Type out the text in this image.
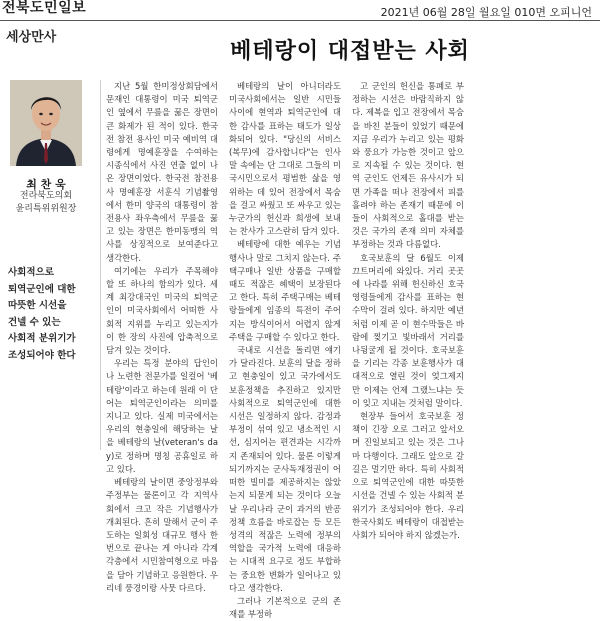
전북도민일보	2021년 06월 28일 월요일 010면 오피니언
세상만사
베테랑이 대접받는 사회
최 찬 욱
전라북도의회
윤리특위위원장
사회적으로
퇴역군인에 대한
따뜻한 시선을
건넬 수 있는
사회적 분위기가
조성되어야 한다

지난 5월 한미정상회담에서 문재인 대통령이 미국 퇴역군인 옆에서 무릎을 꿇은 장면이 큰 화제가 된 적이 있다. 한국전 참전 용사인 미국 예비역 대령에게 명예훈장을 수여하는 시종식에서 사진 연출 없이 나온 장면이었다. 한국전 참전용사 명예훈장 서훈식 기념촬영에서 한미 양국의 대통령이 참전용사 좌우측에서 무릎을 꿇고 있는 장면은 한미동맹의 역사를 상징적으로 보여준다고 생각한다.

여기에는 우리가 주목해야 할 또 하나의 함의가 있다. 세계 최강대국인 미국의 퇴역군인이 미국사회에서 어떠한 사회적 지위를 누리고 있는지가 이 한 장의 사진에 압축적으로 담겨 있는 것이다.

우리는 특정 분야의 답인이나 노련한 전문가를 일컬어 '베테랑'이라고 하는데 원래 이 단어는 퇴역군인이라는 의미를 지니고 있다. 실제 미국에서는 우리의 현충일에 해당하는 날을 베테랑의 날(veteran's day)로 정하며 명칭 공휴일로 하고 있다.

베테랑의 날이면 중앙정부와 주정부는 물론이고 각 지역사회에서 크고 작은 기념행사가 개최된다. 흔히 말해서 군이 주도하는 일회성 대규모 행사 한 번으로 끝나는 게 아니라 각계각층에서 시민참여형으로 마음을 담아 기념하고 응원한다. 우리네 풍경이랑 사뭇 다르다.

베테랑의 날이 아니더라도 미국사회에서는 일반 시민들 사이에 현역과 퇴역군인에 대한 감사를 표하는 태도가 일상화되어 있다. "당신의 서비스(복무)에 감사합니다"는 인사말 속에는 단 그대로 그들의 미국시민으로서 평범한 삶을 영위하는 데 있어 전장에서 목숨을 걸고 싸웠고 또 싸우고 있는 누군가의 헌신과 희생에 보내는 찬사가 고스란히 담겨 있다.

베테랑에 대한 예우는 기념행사나 말로 그치지 않는다. 주택구매나 일반 상품을 구매할 때도 적잖은 혜택이 보장된다고 한다. 특히 주택구매는 베테랑들에게 임종의 특전이 주어지는 방식이어서 어렵지 않게 주택을 구매할 수 있다고 한다.

국내로 시선을 돌리면 얘기가 달라진다. 보훈의 달을 정하고 현충일이 있고 국가에서도 보훈정책을 추진하고 있지만 사회적으로 퇴역군인에 대한 시선은 일정하지 않다. 감정과 부정이 섞여 있고 냉소적인 시선, 심지어는 편견과는 시각까지 존재되어 있다. 물론 이렇게 되기까지는 군사독재정권이 어떠한 빌미를 제공하지는 않았는지 되묻게 되는 것이다 오늘날 우리나라 군이 과거의 반공정책 흐름을 바로잡는 등 모든 성격의 적잖은 노력에 정부의 역할을 국가적 노력에 대응하는 시대적 요구로 정도 부합하는 중요한 변화가 일어나고 있다고 생각한다.

그러나 기본적으로 군의 존재를 부정하

고 군인의 헌신을 통폐로 부정하는 시선은 바람직하지 않다. 제복을 입고 전장에서 목숨을 바친 분들이 있었기 때문에 지금 우리가 누리고 있는 평화와 풍요가 가능한 것이고 앞으로 지속될 수 있는 것이다. 현역 군인도 언제든 유사시가 되면 가족을 떠나 전장에서 피를 흘려야 하는 존재기 때문에 이들이 사회적으로 홀대를 받는 것은 국가의 존재 의미 자체를 부정하는 것과 다름없다.

호국보훈의 달 6월도 이제 끄트머리에 와있다. 거리 곳곳에 나라를 위해 헌신하신 호국영령들에게 감사를 표하는 현수막이 걸려 있다. 하지만 예년처럼 이제 곧 이 현수막들은 바람에 찢기고 빛바래서 거리를 나뒹굴게 될 것이다. 호국보훈을 기리는 각종 보훈행사가 대대적으로 열린 것이 엊그제지만 이제는 언제 그랬느냐는 듯이 잊고 지내는 것처럼 말이다.

현장부 들어서 호국보훈 정책이 긴장 오로 그러고 앞서오며 진일보되고 있는 것은 그나마 다행이다. 그래도 앞으로 갈 길은 멀기만 하다. 특히 사회적으로 퇴역군인에 대한 따뜻한 시선을 건넬 수 있는 사회적 분위기가 조성되어야 한다. 우리 한국사회도 베테랑이 대접받는 사회가 되어야 하지 않겠는가.
